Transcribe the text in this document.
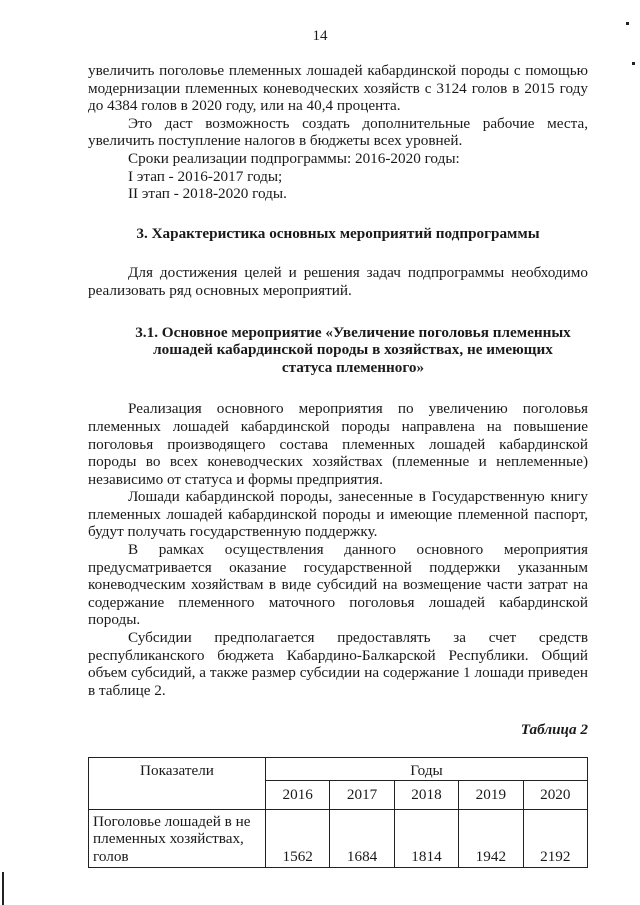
14

увеличить поголовье племенных лошадей кабардинской породы с помощью модернизации племенных коневодческих хозяйств с 3124 голов в 2015 году до 4384 голов в 2020 году, или на 40,4 процента.

Это даст возможность создать дополнительные рабочие места, увеличить поступление налогов в бюджеты всех уровней.

Сроки реализации подпрограммы: 2016-2020 годы:

I этап - 2016-2017 годы;

II этап - 2018-2020 годы.

3. Характеристика основных мероприятий подпрограммы

Для достижения целей и решения задач подпрограммы необходимо реализовать ряд основных мероприятий.

3.1. Основное мероприятие «Увеличение поголовья племенных лошадей кабардинской породы в хозяйствах, не имеющих статуса племенного»

Реализация основного мероприятия по увеличению поголовья племенных лошадей кабардинской породы направлена на повышение поголовья производящего состава племенных лошадей кабардинской породы во всех коневодческих хозяйствах (племенные и неплеменные) независимо от статуса и формы предприятия.

Лошади кабардинской породы, занесенные в Государственную книгу племенных лошадей кабардинской породы и имеющие племенной паспорт, будут получать государственную поддержку.

В рамках осуществления данного основного мероприятия предусматривается оказание государственной поддержки указанным коневодческим хозяйствам в виде субсидий на возмещение части затрат на содержание племенного маточного поголовья лошадей кабардинской породы.

Субсидии предполагается предоставлять за счет средств республиканского бюджета Кабардино-Балкарской Республики. Общий объем субсидий, а также размер субсидии на содержание 1 лошади приведен в таблице 2.

Таблица 2

Показатели	Годы				
	2016	2017	2018	2019	2020
Поголовье лошадей в не племенных хозяйствах, голов	1562	1684	1814	1942	2192
